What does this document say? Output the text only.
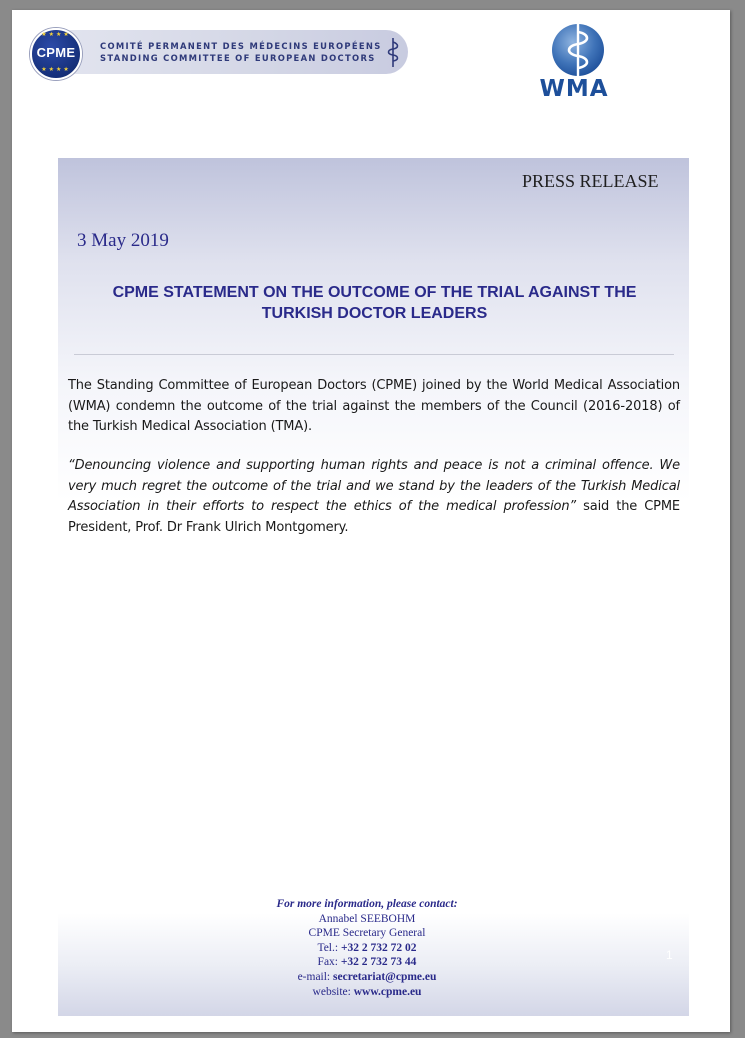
★★★★
CPME
★★★★
COMITÉ PERMANENT DES MÉDECINS EUROPÉENS
STANDING COMMITTEE OF EUROPEAN DOCTORS
WMA
PRESS RELEASE
3 May 2019
CPME STATEMENT ON THE OUTCOME OF THE TRIAL AGAINST THE
TURKISH DOCTOR LEADERS
The Standing Committee of European Doctors (CPME) joined by the World Medical Association (WMA) condemn the outcome of the trial against the members of the Council (2016-2018) of the Turkish Medical Association (TMA).
“Denouncing violence and supporting human rights and peace is not a criminal offence. We very much regret the outcome of the trial and we stand by the leaders of the Turkish Medical Association in their efforts to respect the ethics of the medical profession” said the CPME President, Prof. Dr Frank Ulrich Montgomery.
For more information, please contact:
Annabel SEEBOHM
CPME Secretary General
Tel.: +32 2 732 72 02
Fax: +32 2 732 73 44
e-mail: secretariat@cpme.eu
website: www.cpme.eu
1
